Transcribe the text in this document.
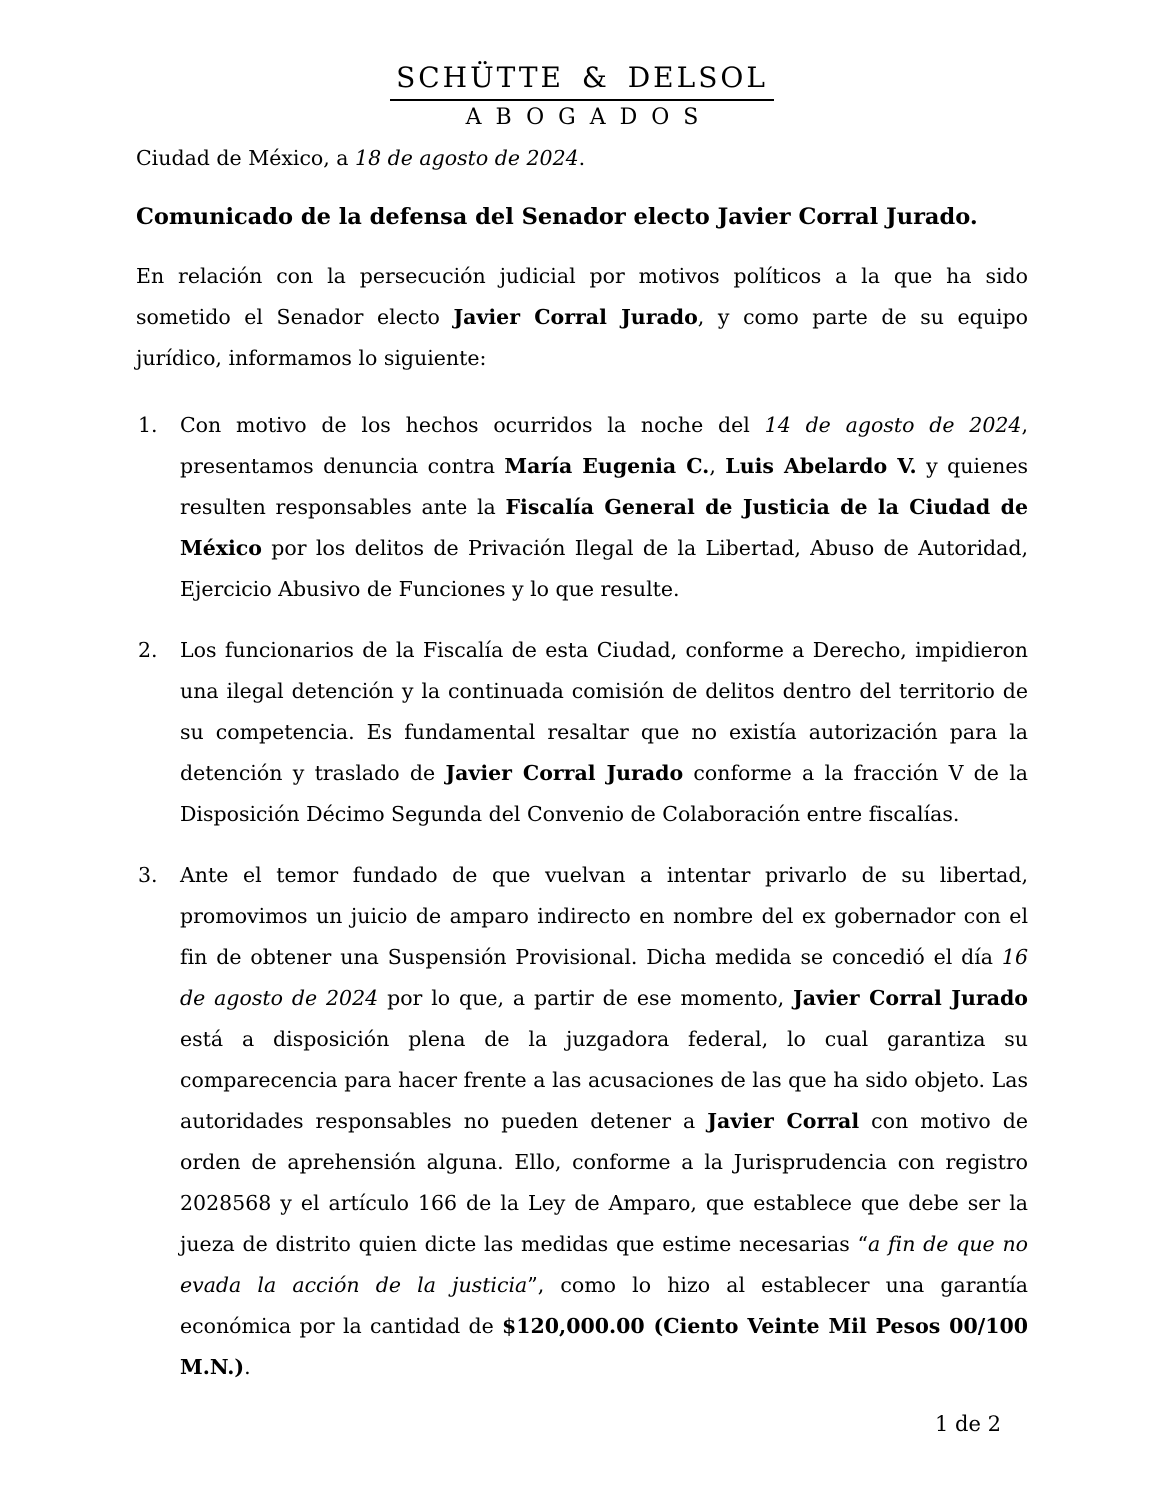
SCHÜTTE & DELSOL
ABOGADOS

Ciudad de México, a 18 de agosto de 2024.

Comunicado de la defensa del Senador electo Javier Corral Jurado.

En relación con la persecución judicial por motivos políticos a la que ha sido sometido el Senador electo Javier Corral Jurado, y como parte de su equipo jurídico, informamos lo siguiente:

1. Con motivo de los hechos ocurridos la noche del 14 de agosto de 2024, presentamos denuncia contra María Eugenia C., Luis Abelardo V. y quienes resulten responsables ante la Fiscalía General de Justicia de la Ciudad de México por los delitos de Privación Ilegal de la Libertad, Abuso de Autoridad, Ejercicio Abusivo de Funciones y lo que resulte.

2. Los funcionarios de la Fiscalía de esta Ciudad, conforme a Derecho, impidieron una ilegal detención y la continuada comisión de delitos dentro del territorio de su competencia. Es fundamental resaltar que no existía autorización para la detención y traslado de Javier Corral Jurado conforme a la fracción V de la Disposición Décimo Segunda del Convenio de Colaboración entre fiscalías.

3. Ante el temor fundado de que vuelvan a intentar privarlo de su libertad, promovimos un juicio de amparo indirecto en nombre del ex gobernador con el fin de obtener una Suspensión Provisional. Dicha medida se concedió el día 16 de agosto de 2024 por lo que, a partir de ese momento, Javier Corral Jurado está a disposición plena de la juzgadora federal, lo cual garantiza su comparecencia para hacer frente a las acusaciones de las que ha sido objeto. Las autoridades responsables no pueden detener a Javier Corral con motivo de orden de aprehensión alguna. Ello, conforme a la Jurisprudencia con registro 2028568 y el artículo 166 de la Ley de Amparo, que establece que debe ser la jueza de distrito quien dicte las medidas que estime necesarias “a fin de que no evada la acción de la justicia”, como lo hizo al establecer una garantía económica por la cantidad de $120,000.00 (Ciento Veinte Mil Pesos 00/100 M.N.).

1 de 2
